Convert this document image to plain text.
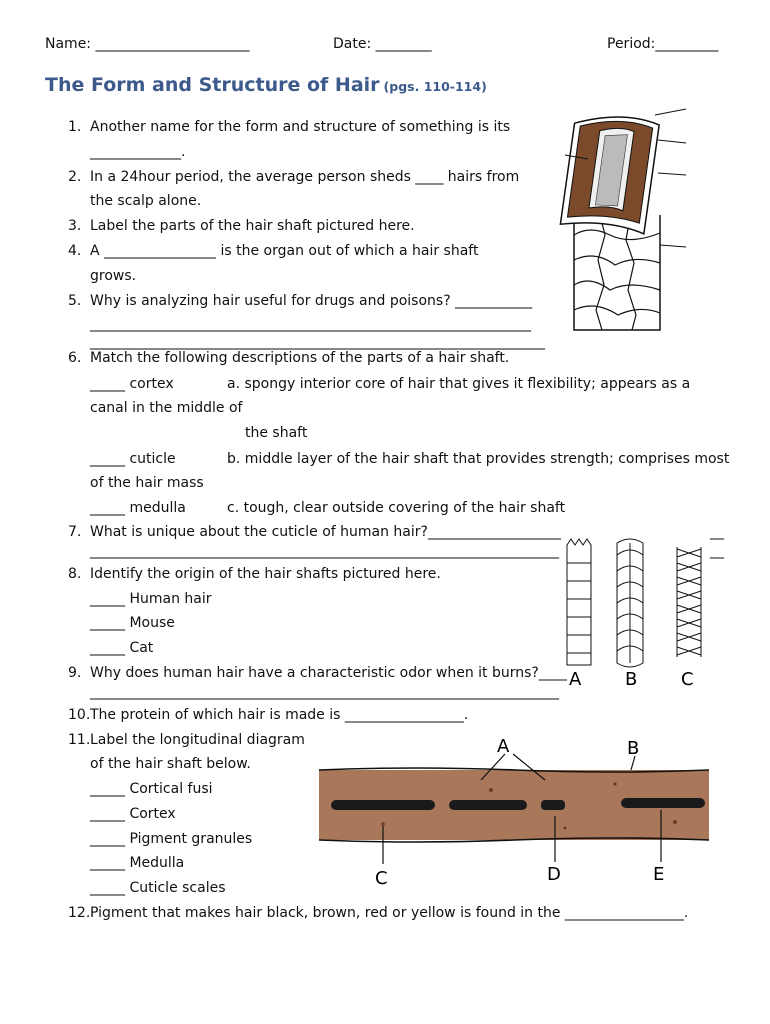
Name: ______________________	Date: ________	Period:_________
The Form and Structure of Hair (pgs. 110-114)
1. Another name for the form and structure of something is its
_____________.
2. In a 24hour period, the average person sheds ____ hairs from
the scalp alone.
3. Label the parts of the hair shaft pictured here.
4. A ________________ is the organ out of which a hair shaft
grows.
5. Why is analyzing hair useful for drugs and poisons? ___________
_______________________________________________________________
_________________________________________________________________
6. Match the following descriptions of the parts of a hair shaft.
_____ cortex	a. spongy interior core of hair that gives it flexibility; appears as a
canal in the middle of
the shaft
_____ cuticle	b. middle layer of the hair shaft that provides strength; comprises most
of the hair mass
_____ medulla	c. tough, clear outside covering of the hair shaft
7. What is unique about the cuticle of human hair?___________________	__
___________________________________________________________________	__
8. Identify the origin of the hair shafts pictured here.
_____ Human hair
_____ Mouse
_____ Cat
9. Why does human hair have a characteristic odor when it burns?____
___________________________________________________________________
10.The protein of which hair is made is _________________.
11.Label the longitudinal diagram
of the hair shaft below.
_____ Cortical fusi
_____ Cortex
_____ Pigment granules
_____ Medulla
_____ Cuticle scales
12.Pigment that makes hair black, brown, red or yellow is found in the _________________.
A B C
A	B
C	D	E
